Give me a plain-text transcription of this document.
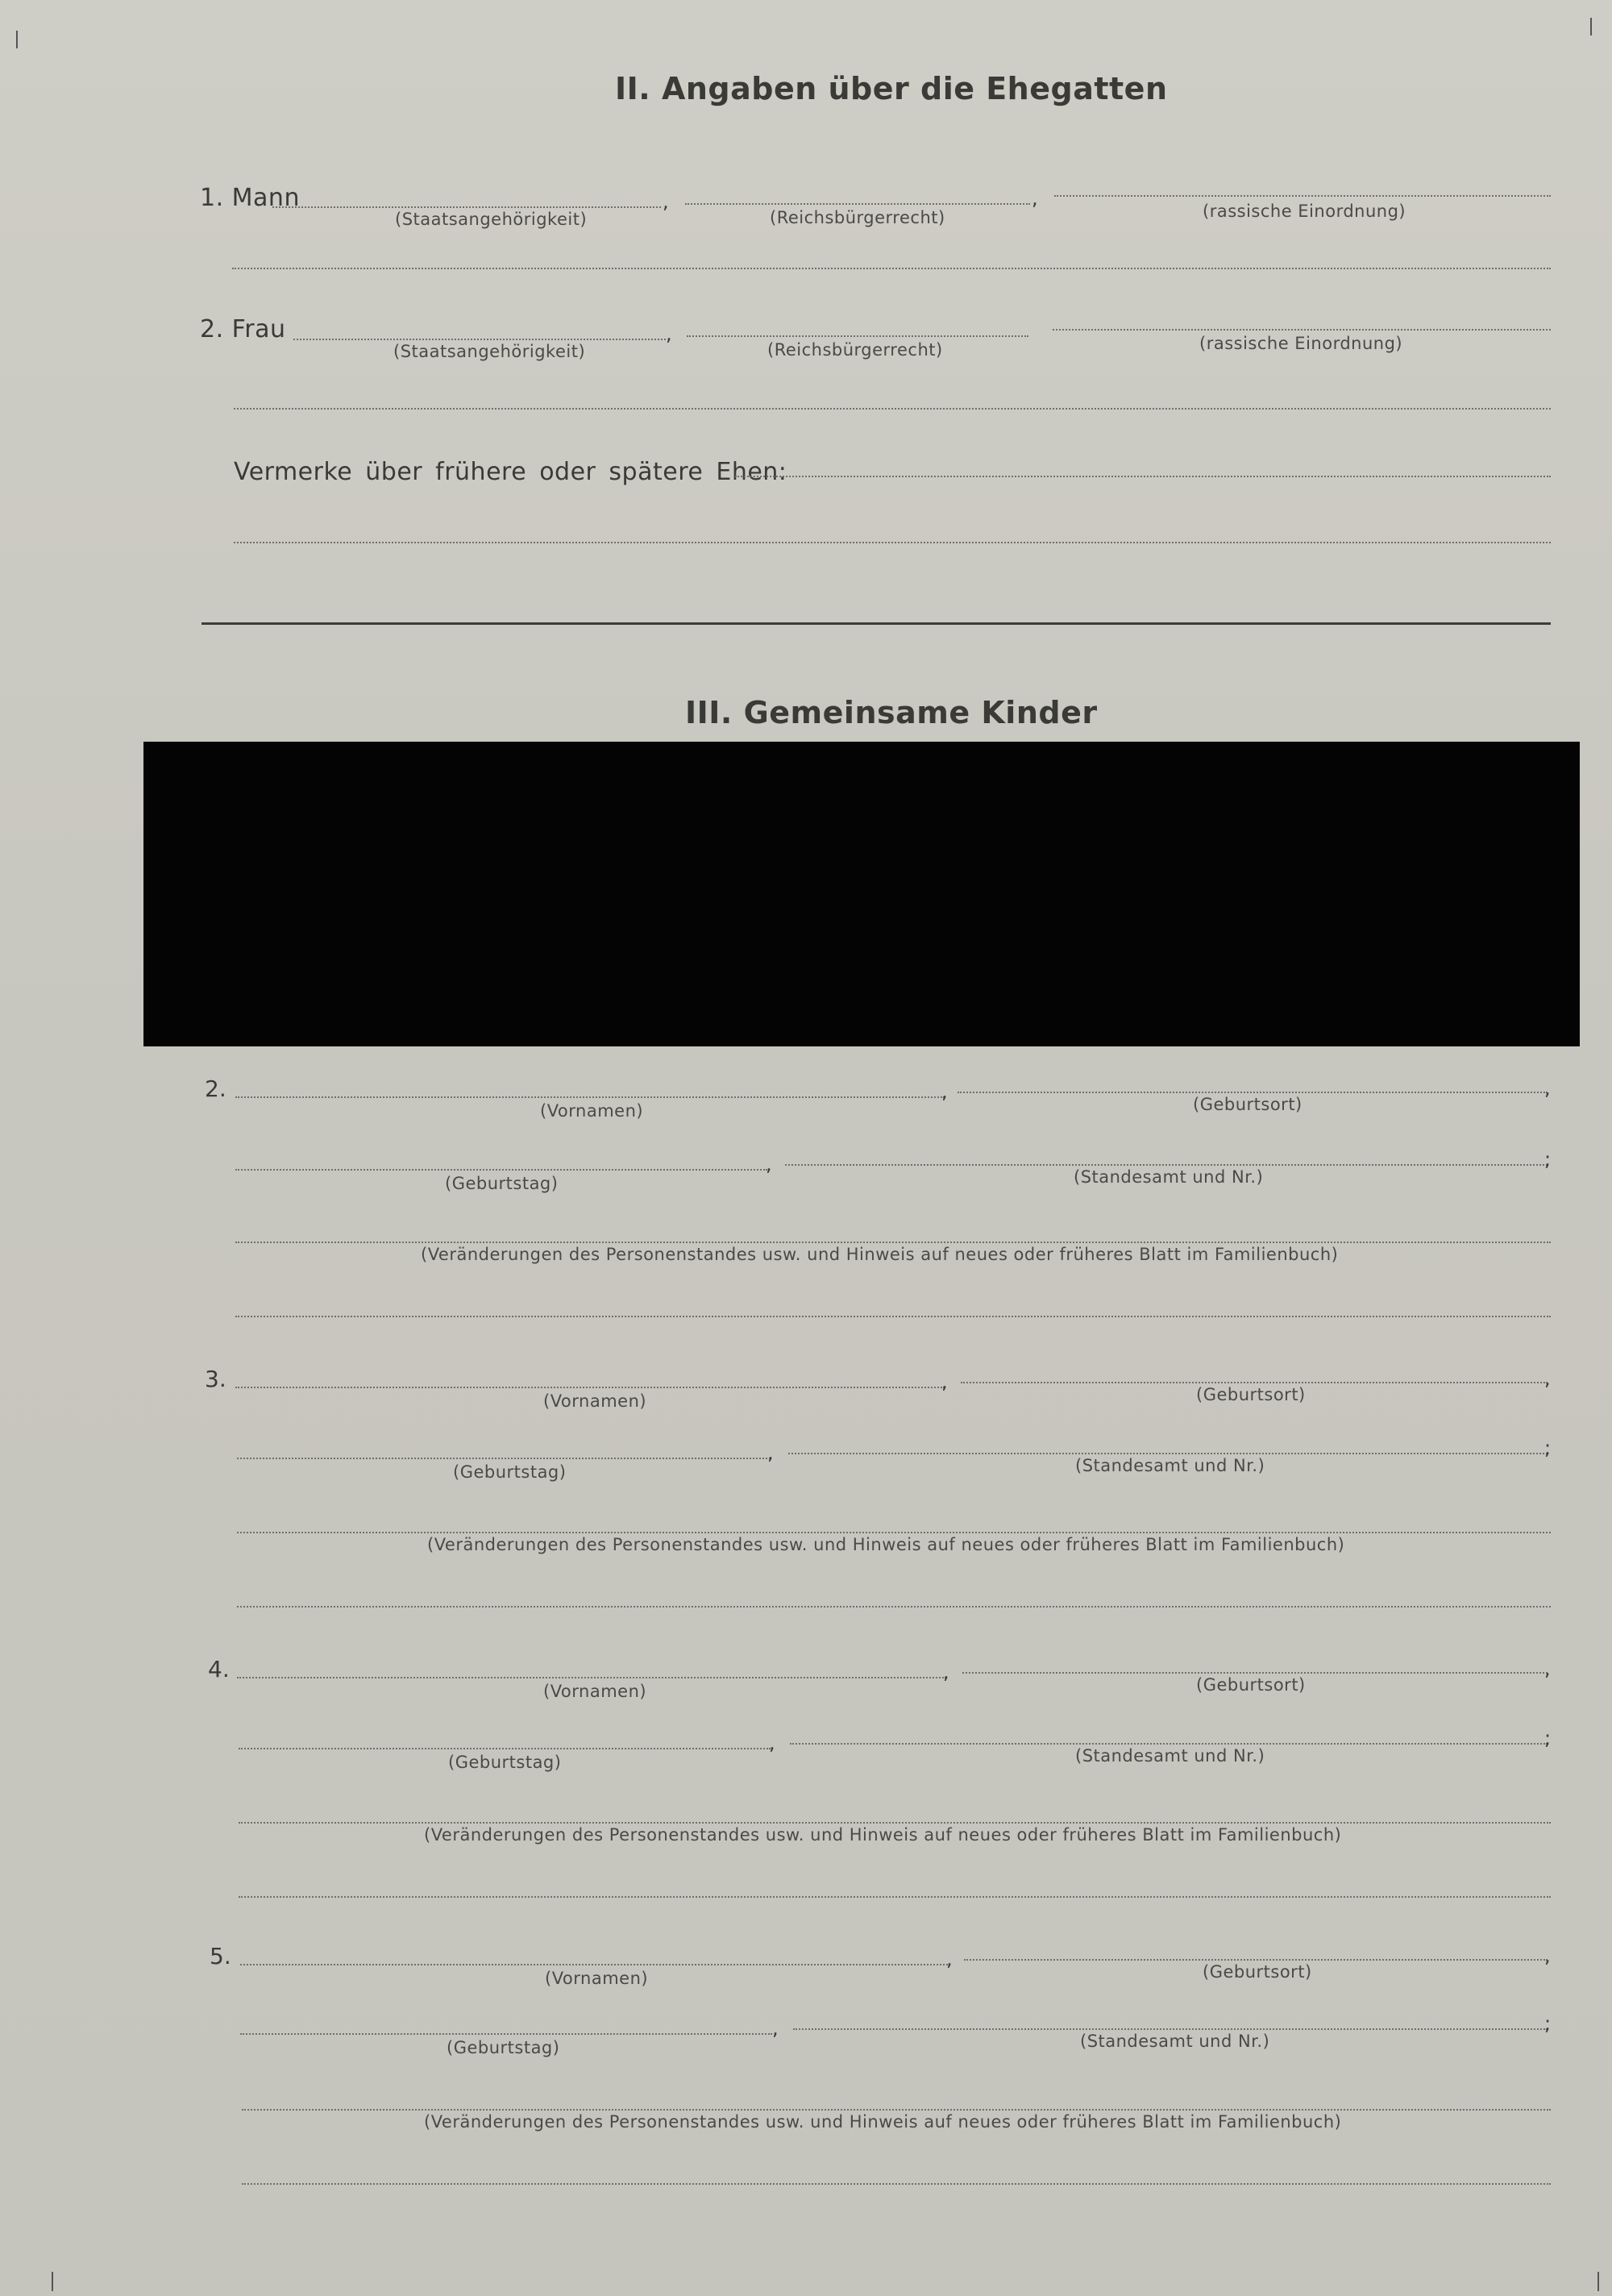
II. Angaben über die Ehegatten
1. Mann	,	,
(Staatsangehörigkeit)	(Reichsbürgerrecht)	(rassische Einordnung)
2. Frau	,
(Staatsangehörigkeit)	(Reichsbürgerrecht)	(rassische Einordnung)
Vermerke über frühere oder spätere Ehen:
III. Gemeinsame Kinder
2.	,	,
(Vornamen)	(Geburtsort)
,	;
(Geburtstag)	(Standesamt und Nr.)
(Veränderungen des Personenstandes usw. und Hinweis auf neues oder früheres Blatt im Familienbuch)
3.	,	,
(Vornamen)	(Geburtsort)
,	;
(Geburtstag)	(Standesamt und Nr.)
(Veränderungen des Personenstandes usw. und Hinweis auf neues oder früheres Blatt im Familienbuch)
4.	,	,
(Vornamen)	(Geburtsort)
,	;
(Geburtstag)	(Standesamt und Nr.)
(Veränderungen des Personenstandes usw. und Hinweis auf neues oder früheres Blatt im Familienbuch)
5.	,	,
(Vornamen)	(Geburtsort)
,	;
(Geburtstag)	(Standesamt und Nr.)
(Veränderungen des Personenstandes usw. und Hinweis auf neues oder früheres Blatt im Familienbuch)
